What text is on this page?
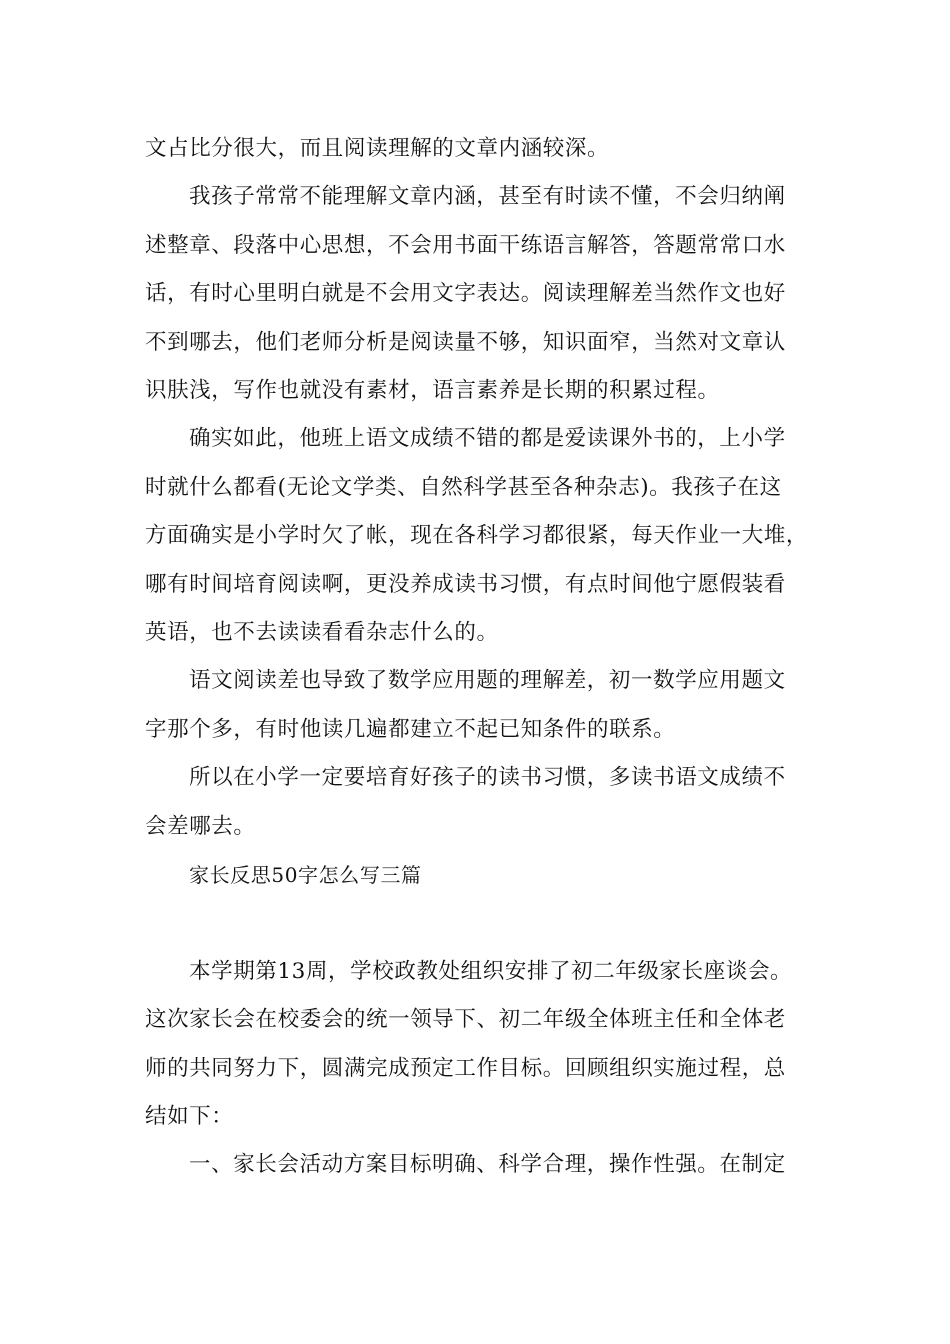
文占比分很大，而且阅读理解的文章内涵较深。
我孩子常常不能理解文章内涵，甚至有时读不懂，不会归纳阐
述整章、段落中心思想，不会用书面干练语言解答，答题常常口水
话，有时心里明白就是不会用文字表达。阅读理解差当然作文也好
不到哪去，他们老师分析是阅读量不够，知识面窄，当然对文章认
识肤浅，写作也就没有素材，语言素养是长期的积累过程。
确实如此，他班上语文成绩不错的都是爱读课外书的，上小学
时就什么都看(无论文学类、自然科学甚至各种杂志)。我孩子在这
方面确实是小学时欠了帐，现在各科学习都很紧，每天作业一大堆，
哪有时间培育阅读啊，更没养成读书习惯，有点时间他宁愿假装看
英语，也不去读读看看杂志什么的。
语文阅读差也导致了数学应用题的理解差，初一数学应用题文
字那个多，有时他读几遍都建立不起已知条件的联系。
所以在小学一定要培育好孩子的读书习惯，多读书语文成绩不
会差哪去。
家长反思50字怎么写三篇
本学期第13周，学校政教处组织安排了初二年级家长座谈会。
这次家长会在校委会的统一领导下、初二年级全体班主任和全体老
师的共同努力下，圆满完成预定工作目标。回顾组织实施过程，总
结如下：
一、家长会活动方案目标明确、科学合理，操作性强。在制定
